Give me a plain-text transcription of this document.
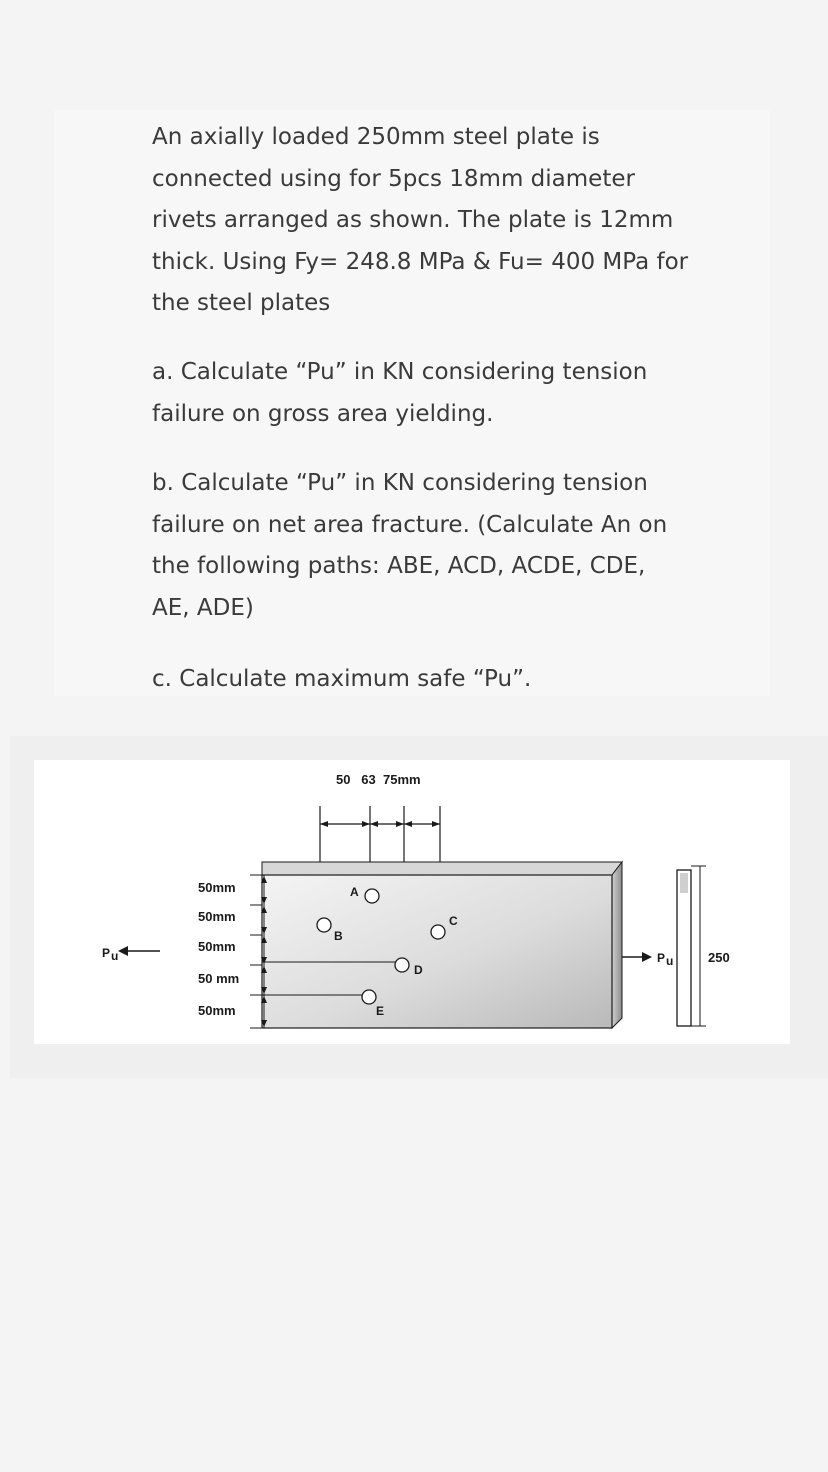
An axially loaded 250mm steel plate is
connected using for 5pcs 18mm diameter
rivets arranged as shown. The plate is 12mm
thick. Using Fy= 248.8 MPa & Fu= 400 MPa for
the steel plates

a. Calculate “Pu” in KN considering tension
failure on gross area yielding.

b. Calculate “Pu” in KN considering tension
failure on net area fracture. (Calculate An on
the following paths: ABE, ACD, ACDE, CDE,
AE, ADE)

c. Calculate maximum safe “Pu”.

50   63  75mm
50mm
50mm
50mm
50 mm
50mm
A
B
C
D
E
P u	P u	250
